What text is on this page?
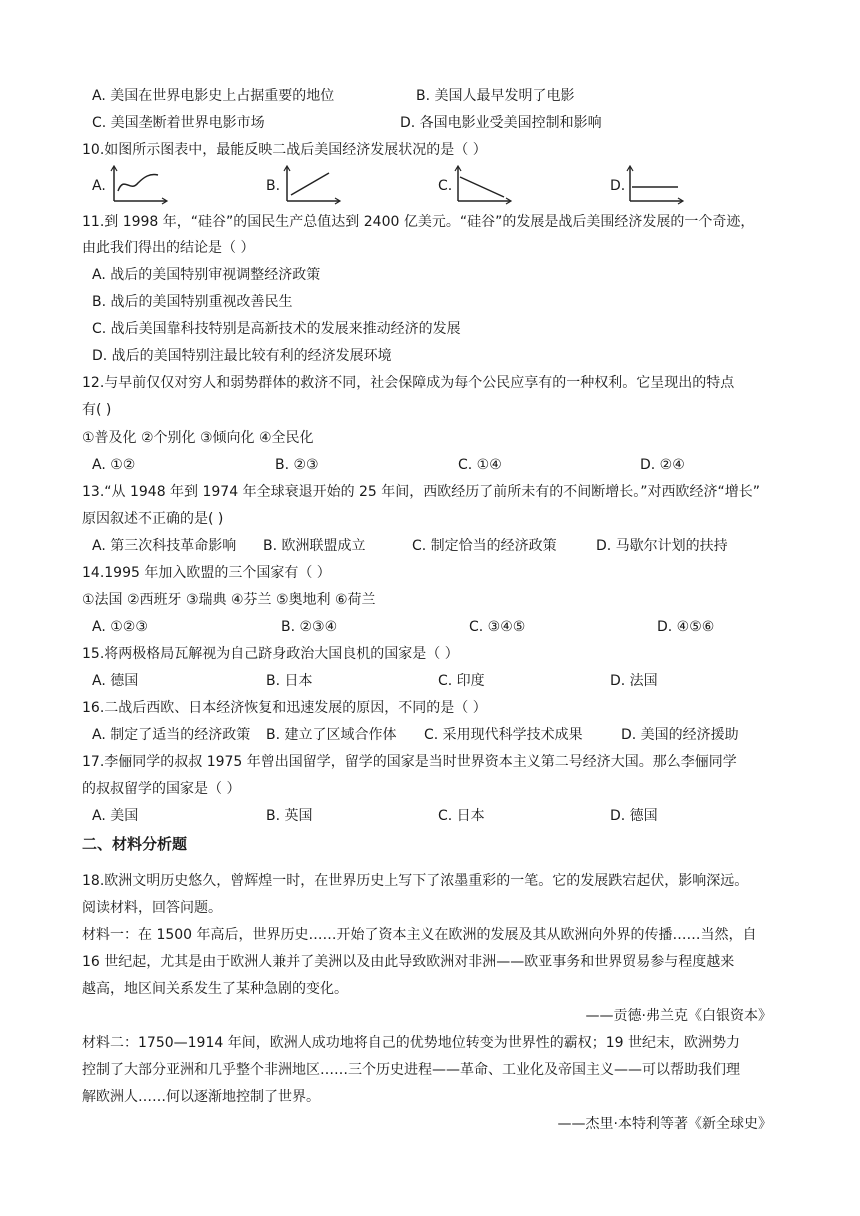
A. 美国在世界电影史上占据重要的地位	B. 美国人最早发明了电影
C. 美国垄断着世界电影市场	D. 各国电影业受美国控制和影响
10.如图所示图表中，最能反映二战后美国经济发展状况的是（ ）
A.	B.	C.	D.
11.到 1998 年，“硅谷”的国民生产总值达到 2400 亿美元。“硅谷”的发展是战后美围经济发展的一个奇迹，
由此我们得出的结论是（ ）
A. 战后的美国特别审视调整经济政策
B. 战后的美国特别重视改善民生
C. 战后美国靠科技特别是高新技术的发展来推动经济的发展
D. 战后的美国特别注最比较有利的经济发展环境
12.与早前仅仅对穷人和弱势群体的救济不同，社会保障成为每个公民应享有的一种权利。它呈现出的特点
有( )
①普及化 ②个别化 ③倾向化 ④全民化
A. ①②	B. ②③	C. ①④	D. ②④
13.“从 1948 年到 1974 年全球衰退开始的 25 年间，西欧经历了前所未有的不间断增长。”对西欧经济“增长”
原因叙述不正确的是( )
A. 第三次科技革命影响 B. 欧洲联盟成立	C. 制定恰当的经济政策	D. 马歇尔计划的扶持
14.1995 年加入欧盟的三个国家有（ ）
①法国 ②西班牙 ③瑞典 ④芬兰 ⑤奥地利 ⑥荷兰
A. ①②③	B. ②③④	C. ③④⑤	D. ④⑤⑥
15.将两极格局瓦解视为自己跻身政治大国良机的国家是（ ）
A. 德国	B. 日本	C. 印度	D. 法国
16.二战后西欧、日本经济恢复和迅速发展的原因，不同的是（ ）
A. 制定了适当的经济政策 B. 建立了区域合作体 C. 采用现代科学技术成果	D. 美国的经济援助
17.李俪同学的叔叔 1975 年曾出国留学，留学的国家是当时世界资本主义第二号经济大国。那么李俪同学
的叔叔留学的国家是（ ）
A. 美国	B. 英国	C. 日本	D. 德国
二、材料分析题
18.欧洲文明历史悠久，曾辉煌一时，在世界历史上写下了浓墨重彩的一笔。它的发展跌宕起伏，影响深远。
阅读材料，回答问题。
材料一：在 1500 年高后，世界历史……开始了资本主义在欧洲的发展及其从欧洲向外界的传播……当然，自
16 世纪起，尤其是由于欧洲人兼并了美洲以及由此导致欧洲对非洲——欧亚事务和世界贸易参与程度越来
越高，地区间关系发生了某种急剧的变化。
——贡德·弗兰克《白银资本》
材料二：1750—1914 年间，欧洲人成功地将自己的优势地位转变为世界性的霸权；19 世纪末，欧洲势力
控制了大部分亚洲和几乎整个非洲地区……三个历史进程——革命、工业化及帝国主义——可以帮助我们理
解欧洲人……何以逐渐地控制了世界。
——杰里·本特利等著《新全球史》
